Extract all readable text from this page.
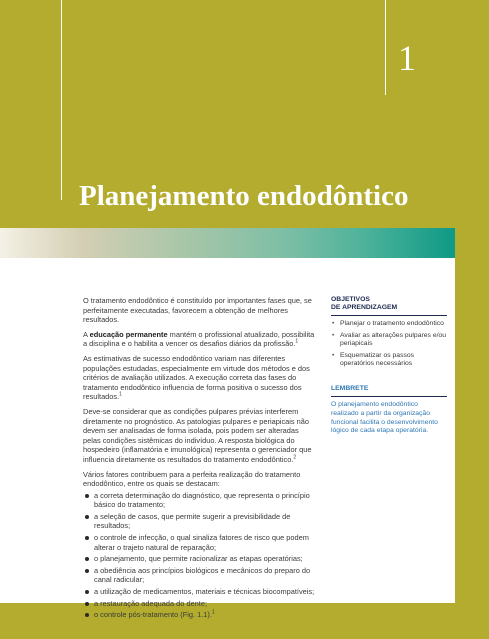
1
Planejamento endodôntico

O tratamento endodôntico é constituído por importantes fases que, se perfeitamente executadas, favorecem a obtenção de melhores resultados.

A educação permanente mantém o profissional atualizado, possibilita a disciplina e o habilita a vencer os desafios diários da profissão.$^1$

As estimativas de sucesso endodôntico variam nas diferentes populações estudadas, especialmente em virtude dos métodos e dos critérios de avaliação utilizados. A execução correta das fases do tratamento endodôntico influencia de forma positiva o sucesso dos resultados.$^1$

Deve-se considerar que as condições pulpares prévias interferem diretamente no prognóstico. As patologias pulpares e periapicais não devem ser analisadas de forma isolada, pois podem ser alteradas pelas condições sistêmicas do indivíduo. A resposta biológica do hospedeiro (inflamatória e imunológica) representa o gerenciador que influencia diretamente os resultados do tratamento endodôntico.$^2$

Vários fatores contribuem para a perfeita realização do tratamento endodôntico, entre os quais se destacam:

a correta determinação do diagnóstico, que representa o princípio básico do tratamento;
a seleção de casos, que permite sugerir a previsibilidade de resultados;
o controle de infecção, o qual sinaliza fatores de risco que podem alterar o trajeto natural de reparação;
o planejamento, que permite racionalizar as etapas operatórias;
a obediência aos princípios biológicos e mecânicos do preparo do canal radicular;
a utilização de medicamentos, materiais e técnicas biocompatíveis;
a restauração adequada do dente;
o controle pós-tratamento (Fig. 1.1).$^1$
OBJETIVOS
DE APRENDIZAGEM
• Planejar o tratamento endodôntico
• Avaliar as alterações pulpares e/ou periapicais
• Esquematizar os passos operatórios necessários
LEMBRETE

O planejamento endodôntico realizado a partir da organização funcional facilita o desenvolvimento lógico de cada etapa operatória.
